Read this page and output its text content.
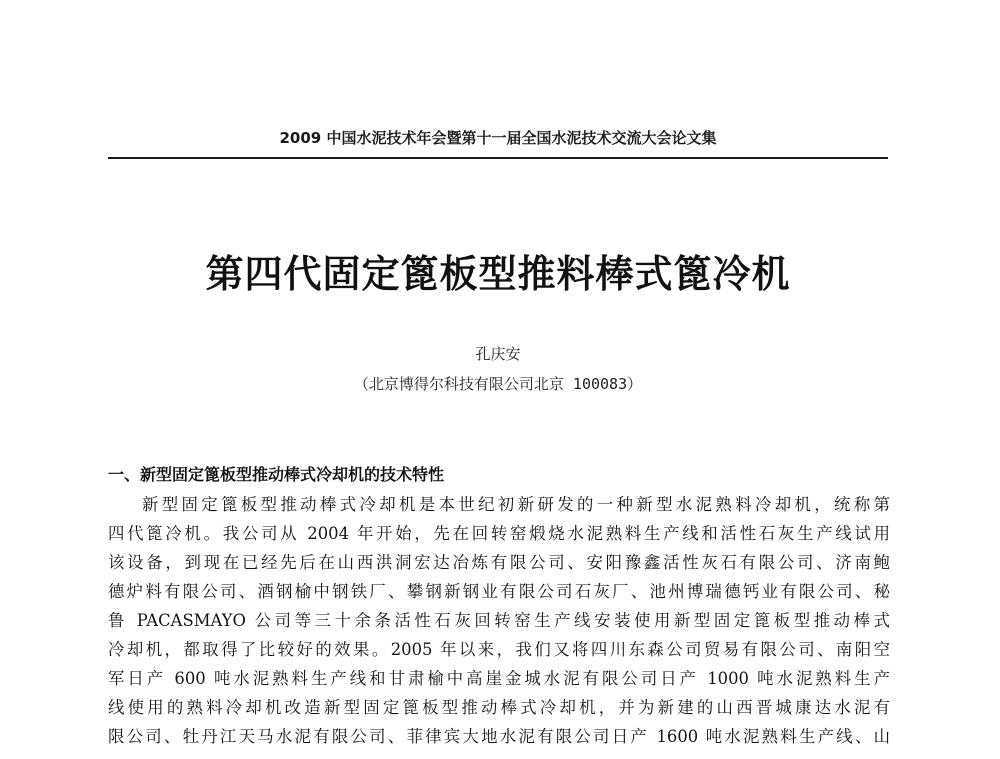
2009 中国水泥技术年会暨第十一届全国水泥技术交流大会论文集
第四代固定篦板型推料棒式篦冷机
孔庆安
（北京博得尔科技有限公司北京 100083）
一、新型固定篦板型推动棒式冷却机的技术特性
新型固定篦板型推动棒式冷却机是本世纪初新研发的一种新型水泥熟料冷却机，统称第
四代篦冷机。我公司从 2004 年开始，先在回转窑煅烧水泥熟料生产线和活性石灰生产线试用
该设备，到现在已经先后在山西洪洞宏达冶炼有限公司、安阳豫鑫活性灰石有限公司、济南鲍
德炉料有限公司、酒钢榆中钢铁厂、攀钢新钢业有限公司石灰厂、池州博瑞德钙业有限公司、秘
鲁 PACASMAYO 公司等三十余条活性石灰回转窑生产线安装使用新型固定篦板型推动棒式
冷却机，都取得了比较好的效果。2005 年以来，我们又将四川东森公司贸易有限公司、南阳空
军日产 600 吨水泥熟料生产线和甘肃榆中高崖金城水泥有限公司日产 1000 吨水泥熟料生产
线使用的熟料冷却机改造新型固定篦板型推动棒式冷却机，并为新建的山西晋城康达水泥有
限公司、牡丹江天马水泥有限公司、菲律宾大地水泥有限公司日产 1600 吨水泥熟料生产线、山
